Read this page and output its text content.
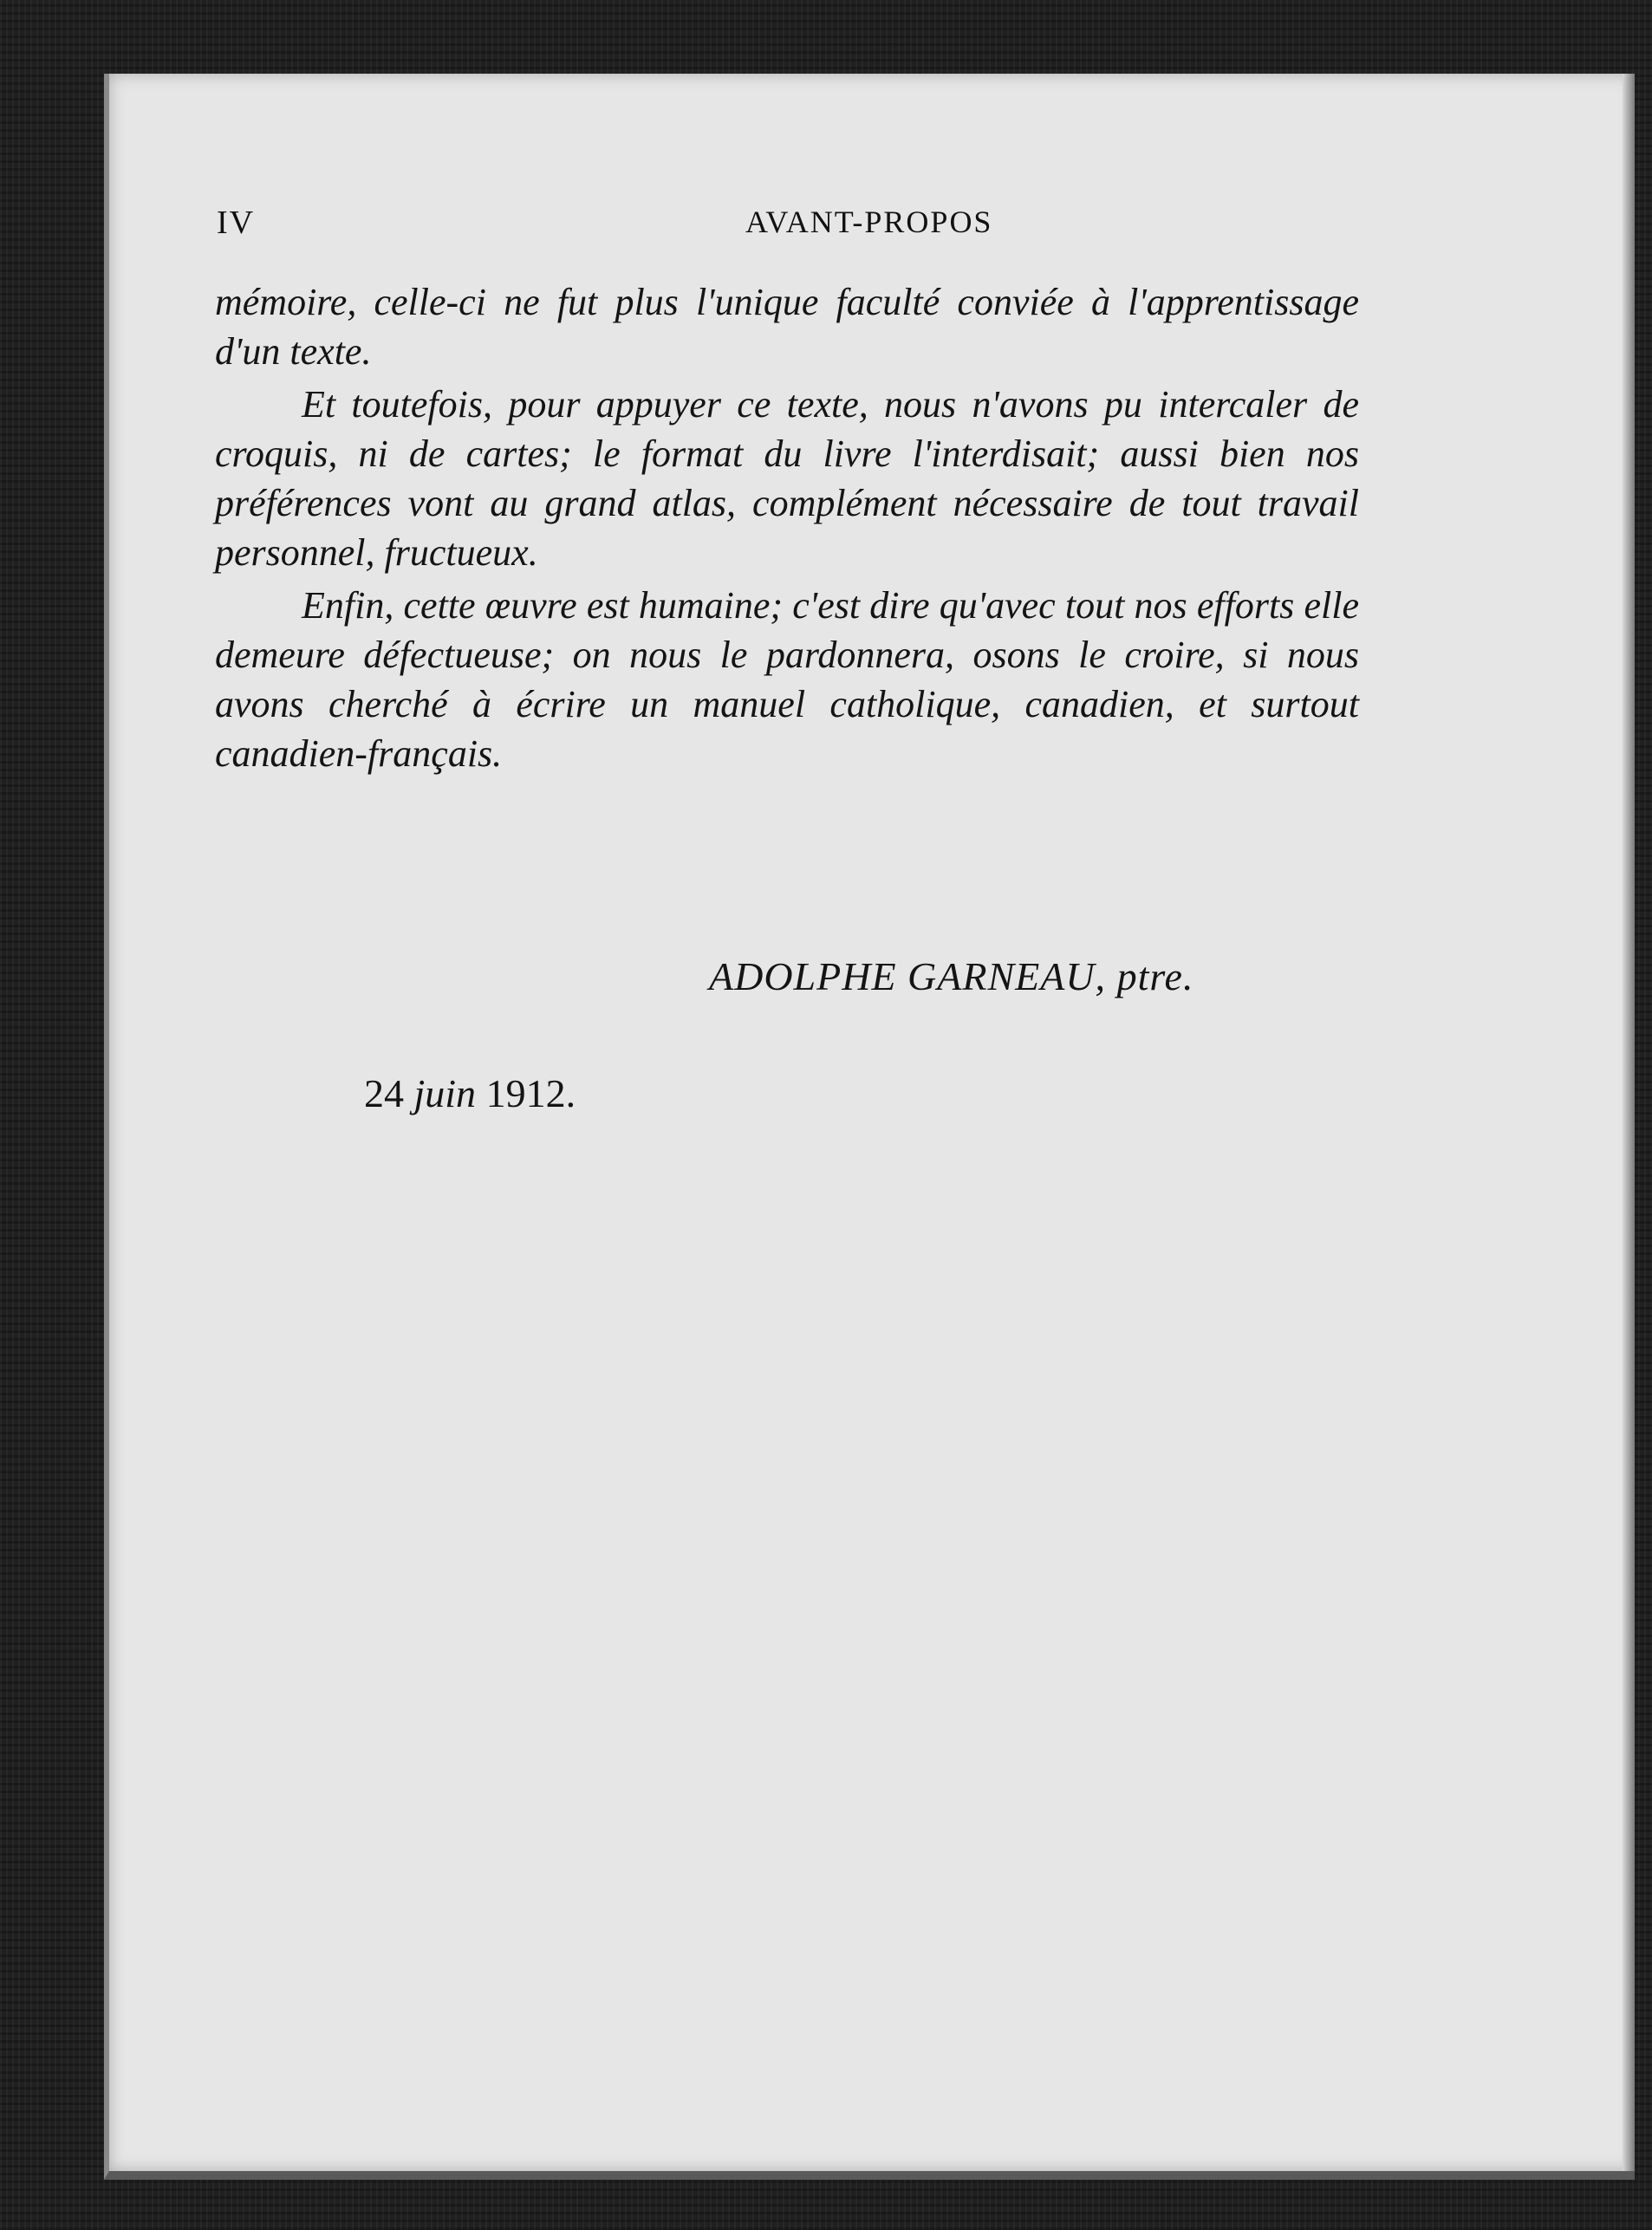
IV	AVANT-PROPOS

mémoire, celle-ci ne fut plus l'unique faculté conviée à l'apprentissage d'un texte.

Et toutefois, pour appuyer ce texte, nous n'avons pu intercaler de croquis, ni de cartes; le format du livre l'interdisait; aussi bien nos préférences vont au grand atlas, complément nécessaire de tout travail personnel, fructueux.

Enfin, cette œuvre est humaine; c'est dire qu'avec tout nos efforts elle demeure défectueuse; on nous le pardonnera, osons le croire, si nous avons cherché à écrire un manuel catholique, canadien, et surtout canadien-français.

ADOLPHE GARNEAU, ptre.
24 juin 1912.
